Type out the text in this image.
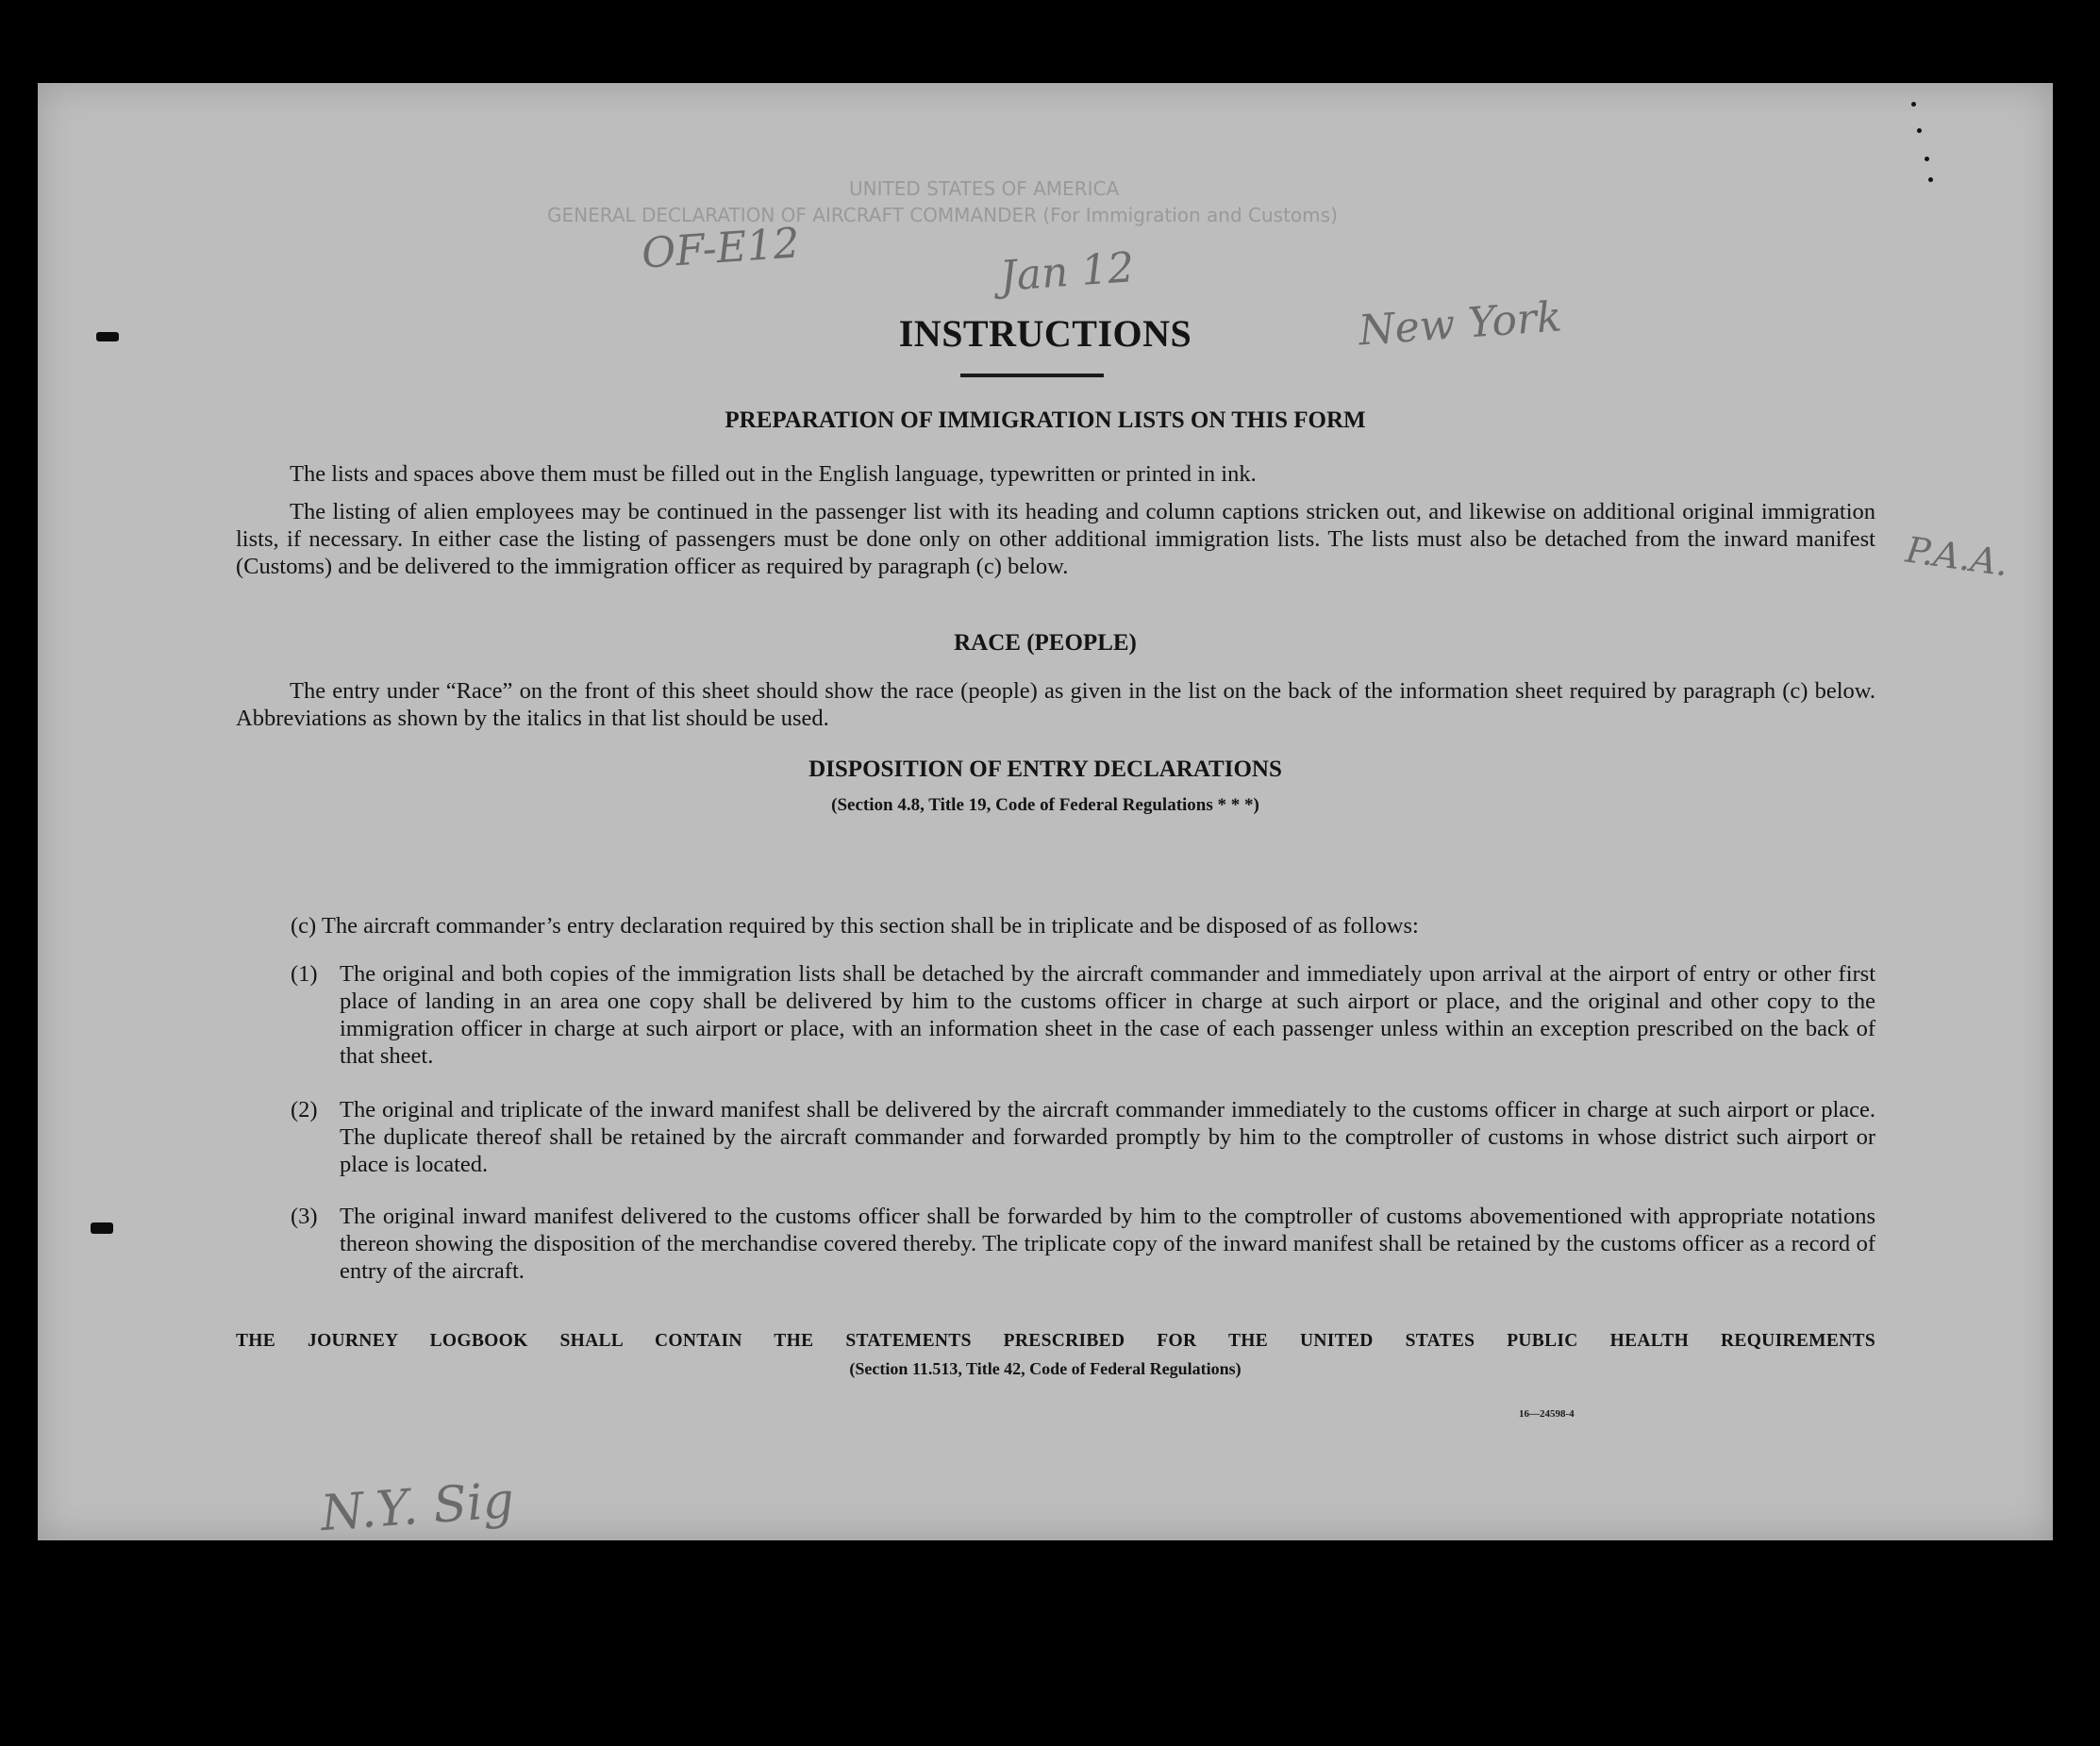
UNITED STATES OF AMERICA
GENERAL DECLARATION OF AIRCRAFT COMMANDER (For Immigration and Customs)
OF-E12	Jan 12
New York
P.A.A.
N.Y. Sig
INSTRUCTIONS
PREPARATION OF IMMIGRATION LISTS ON THIS FORM

The lists and spaces above them must be filled out in the English language, typewritten or printed in ink.

The listing of alien employees may be continued in the passenger list with its heading and column captions stricken out, and likewise on additional original immigration lists, if necessary. In either case the listing of passengers must be done only on other additional immigration lists. The lists must also be detached from the inward manifest (Customs) and be delivered to the immigration officer as required by paragraph (c) below.

RACE (PEOPLE)

The entry under “Race” on the front of this sheet should show the race (people) as given in the list on the back of the information sheet required by paragraph (c) below. Abbreviations as shown by the italics in that list should be used.

DISPOSITION OF ENTRY DECLARATIONS
(Section 4.8, Title 19, Code of Federal Regulations * * *)
(c) The aircraft commander’s entry declaration required by this section shall be in triplicate and be disposed of as follows:
(1) The original and both copies of the immigration lists shall be detached by the aircraft commander and immediately upon arrival at the airport of entry or other first place of landing in an area one copy shall be delivered by him to the customs officer in charge at such airport or place, and the original and other copy to the immigration officer in charge at such airport or place, with an information sheet in the case of each passenger unless within an exception prescribed on the back of that sheet.
(2) The original and triplicate of the inward manifest shall be delivered by the aircraft commander immediately to the customs officer in charge at such airport or place. The duplicate thereof shall be retained by the aircraft commander and forwarded promptly by him to the comptroller of customs in whose district such airport or place is located.
(3) The original inward manifest delivered to the customs officer shall be forwarded by him to the comptroller of customs abovementioned with appropriate notations thereon showing the disposition of the merchandise covered thereby. The triplicate copy of the inward manifest shall be retained by the customs officer as a record of entry of the aircraft.
THE JOURNEY LOGBOOK SHALL CONTAIN THE STATEMENTS PRESCRIBED FOR THE UNITED STATES PUBLIC HEALTH REQUIREMENTS
(Section 11.513, Title 42, Code of Federal Regulations)
16—24598-4
